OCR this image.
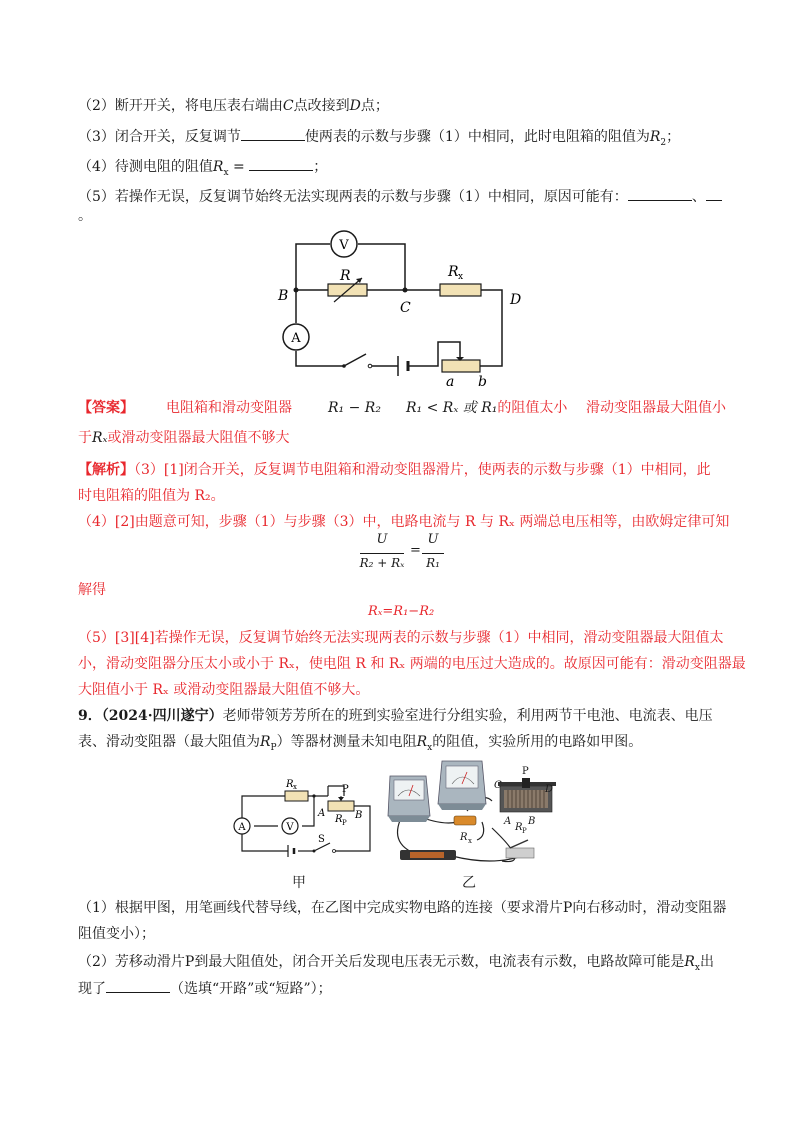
（2）断开开关，将电压表右端由C点改接到D点；
（3）闭合开关，反复调节	使两表的示数与步骤（1）中相同，此时电阻箱的阻值为$R_2$；
（4）待测电阻的阻值$R_x$ =	；
（5）若操作无误，反复调节始终无法实现两表的示数与步骤（1）中相同，原因可能有：	、
。
V
A
R	R x
B
C	D
a b
【答案】 电阻箱和滑动变阻器	R₁ − R₂ R₁ < Rₓ 或 R₁的阻值太小 滑动变阻器最大阻值小
于Rₓ或滑动变阻器最大阻值不够大
【解析】（3）[1]闭合开关，反复调节电阻箱和滑动变阻器滑片，使两表的示数与步骤（1）中相同，此
时电阻箱的阻值为 R₂。
（4）[2]由题意可知，步骤（1）与步骤（3）中，电路电流与 R 与 Rₓ 两端总电压相等，由欧姆定律可知
U
R₂ + Rₓ
=
U
R₁
解得
Rₓ=R₁−R₂
（5）[3][4]若操作无误，反复调节始终无法实现两表的示数与步骤（1）中相同，滑动变阻器最大阻值太
小，滑动变阻器分压太小或小于 Rₓ，使电阻 R 和 Rₓ 两端的电压过大造成的。故原因可能有：滑动变阻器最
大阻值小于 Rₓ 或滑动变阻器最大阻值不够大。
9．（2024·四川遂宁）老师带领芳芳所在的班到实验室进行分组实验，利用两节干电池、电流表、电压
表、滑动变阻器（最大阻值为$R_P$）等器材测量未知电阻$R_x$的阻值，实验所用的电路如甲图。
R x	P
A	B
R P
A	V
S	R x
C
P
D
A B
R P
甲	乙
（1）根据甲图，用笔画线代替导线，在乙图中完成实物电路的连接（要求滑片P向右移动时，滑动变阻器
阻值变小）；
（2）芳移动滑片P到最大阻值处，闭合开关后发现电压表无示数，电流表有示数，电路故障可能是$R_x$出
现了	（选填“开路”或“短路”）；
